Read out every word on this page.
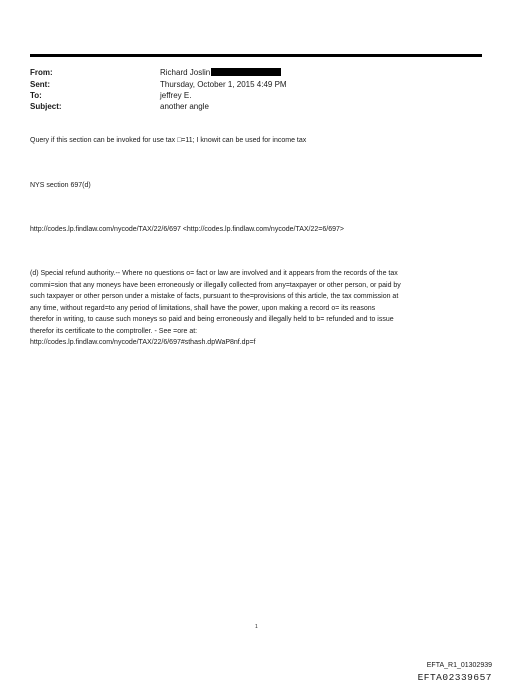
From:	Richard Joslin
Sent:	Thursday, October 1, 2015 4:49 PM
To:	jeffrey E.
Subject:	another angle
Query if this section can be invoked for use tax □=11; I knowit can be used for income tax
NYS section 697(d)
http://codes.lp.findlaw.com/nycode/TAX/22/6/697 <http://codes.lp.findlaw.com/nycode/TAX/22=6/697>
(d) Special refund authority.-- Where no questions o= fact or law are involved and it appears from the records of the tax
commi=sion that any moneys have been erroneously or illegally collected from any=taxpayer or other person, or paid by
such taxpayer or other person under a mistake of facts, pursuant to the=provisions of this article, the tax commission at
any time, without regard=to any period of limitations, shall have the power, upon making a record o= its reasons
therefor in writing, to cause such moneys so paid and being erroneously and illegally held to b= refunded and to issue
therefor its certificate to the comptroller. - See =ore at:
http://codes.lp.findlaw.com/nycode/TAX/22/6/697#sthash.dpWaP8nf.dp=f
1
EFTA_R1_01302939
EFTA02339657
